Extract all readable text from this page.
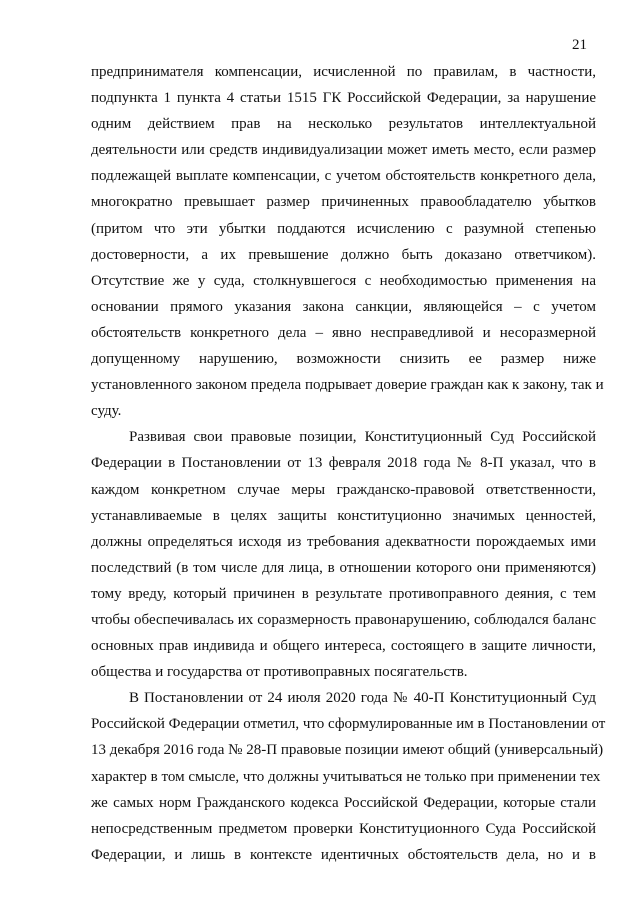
21
предпринимателя компенсации, исчисленной по правилам, в частности,
подпункта 1 пункта 4 статьи 1515 ГК Российской Федерации, за нарушение
одним действием прав на несколько результатов интеллектуальной
деятельности или средств индивидуализации может иметь место, если размер
подлежащей выплате компенсации, с учетом обстоятельств конкретного дела,
многократно превышает размер причиненных правообладателю убытков
(притом что эти убытки поддаются исчислению с разумной степенью
достоверности, а их превышение должно быть доказано ответчиком).
Отсутствие же у суда, столкнувшегося с необходимостью применения на
основании прямого указания закона санкции, являющейся – с учетом
обстоятельств конкретного дела – явно несправедливой и несоразмерной
допущенному нарушению, возможности снизить ее размер ниже
установленного законом предела подрывает доверие граждан как к закону, так и
суду.
Развивая свои правовые позиции, Конституционный Суд Российской
Федерации в Постановлении от 13 февраля 2018 года № 8-П указал, что в
каждом конкретном случае меры гражданско-правовой ответственности,
устанавливаемые в целях защиты конституционно значимых ценностей,
должны определяться исходя из требования адекватности порождаемых ими
последствий (в том числе для лица, в отношении которого они применяются)
тому вреду, который причинен в результате противоправного деяния, с тем
чтобы обеспечивалась их соразмерность правонарушению, соблюдался баланс
основных прав индивида и общего интереса, состоящего в защите личности,
общества и государства от противоправных посягательств.
В Постановлении от 24 июля 2020 года № 40-П Конституционный Суд
Российской Федерации отметил, что сформулированные им в Постановлении от
13 декабря 2016 года № 28-П правовые позиции имеют общий (универсальный)
характер в том смысле, что должны учитываться не только при применении тех
же самых норм Гражданского кодекса Российской Федерации, которые стали
непосредственным предметом проверки Конституционного Суда Российской
Федерации, и лишь в контексте идентичных обстоятельств дела, но и в
